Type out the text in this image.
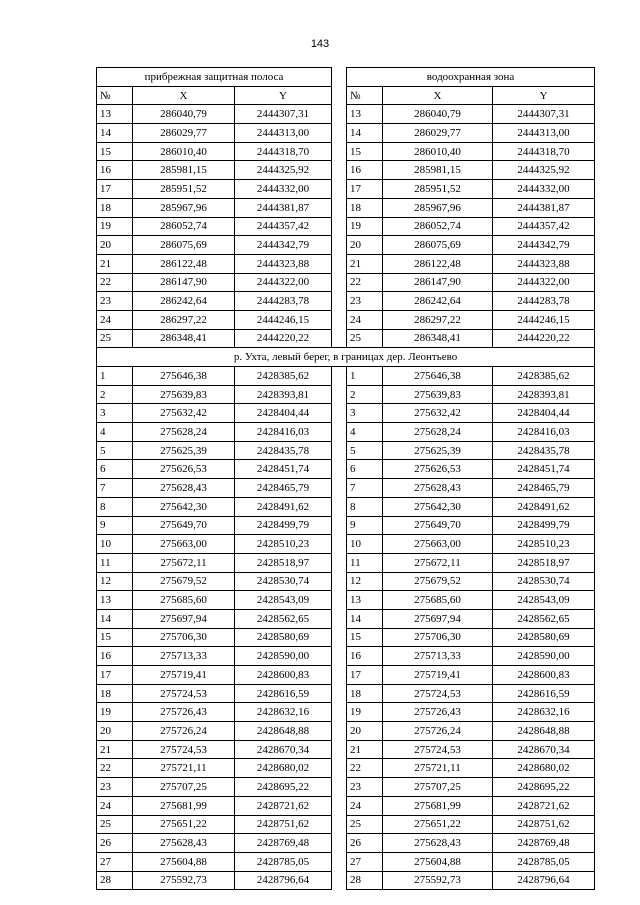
143
прибрежная защитная полоса				водоохранная зона		
№	X	Y		№	X	Y
13	286040,79	2444307,31		13	286040,79	2444307,31
14	286029,77	2444313,00		14	286029,77	2444313,00
15	286010,40	2444318,70		15	286010,40	2444318,70
16	285981,15	2444325,92		16	285981,15	2444325,92
17	285951,52	2444332,00		17	285951,52	2444332,00
18	285967,96	2444381,87		18	285967,96	2444381,87
19	286052,74	2444357,42		19	286052,74	2444357,42
20	286075,69	2444342,79		20	286075,69	2444342,79
21	286122,48	2444323,88		21	286122,48	2444323,88
22	286147,90	2444322,00		22	286147,90	2444322,00
23	286242,64	2444283,78		23	286242,64	2444283,78
24	286297,22	2444246,15		24	286297,22	2444246,15
25	286348,41	2444220,22		25	286348,41	2444220,22
р. Ухта, левый берег, в границах дер. Леонтьево						
1	275646,38	2428385,62		1	275646,38	2428385,62
2	275639,83	2428393,81		2	275639,83	2428393,81
3	275632,42	2428404,44		3	275632,42	2428404,44
4	275628,24	2428416,03		4	275628,24	2428416,03
5	275625,39	2428435,78		5	275625,39	2428435,78
6	275626,53	2428451,74		6	275626,53	2428451,74
7	275628,43	2428465,79		7	275628,43	2428465,79
8	275642,30	2428491,62		8	275642,30	2428491,62
9	275649,70	2428499,79		9	275649,70	2428499,79
10	275663,00	2428510,23		10	275663,00	2428510,23
11	275672,11	2428518,97		11	275672,11	2428518,97
12	275679,52	2428530,74		12	275679,52	2428530,74
13	275685,60	2428543,09		13	275685,60	2428543,09
14	275697,94	2428562,65		14	275697,94	2428562,65
15	275706,30	2428580,69		15	275706,30	2428580,69
16	275713,33	2428590,00		16	275713,33	2428590,00
17	275719,41	2428600,83		17	275719,41	2428600,83
18	275724,53	2428616,59		18	275724,53	2428616,59
19	275726,43	2428632,16		19	275726,43	2428632,16
20	275726,24	2428648,88		20	275726,24	2428648,88
21	275724,53	2428670,34		21	275724,53	2428670,34
22	275721,11	2428680,02		22	275721,11	2428680,02
23	275707,25	2428695,22		23	275707,25	2428695,22
24	275681,99	2428721,62		24	275681,99	2428721,62
25	275651,22	2428751,62		25	275651,22	2428751,62
26	275628,43	2428769,48		26	275628,43	2428769,48
27	275604,88	2428785,05		27	275604,88	2428785,05
28	275592,73	2428796,64		28	275592,73	2428796,64
